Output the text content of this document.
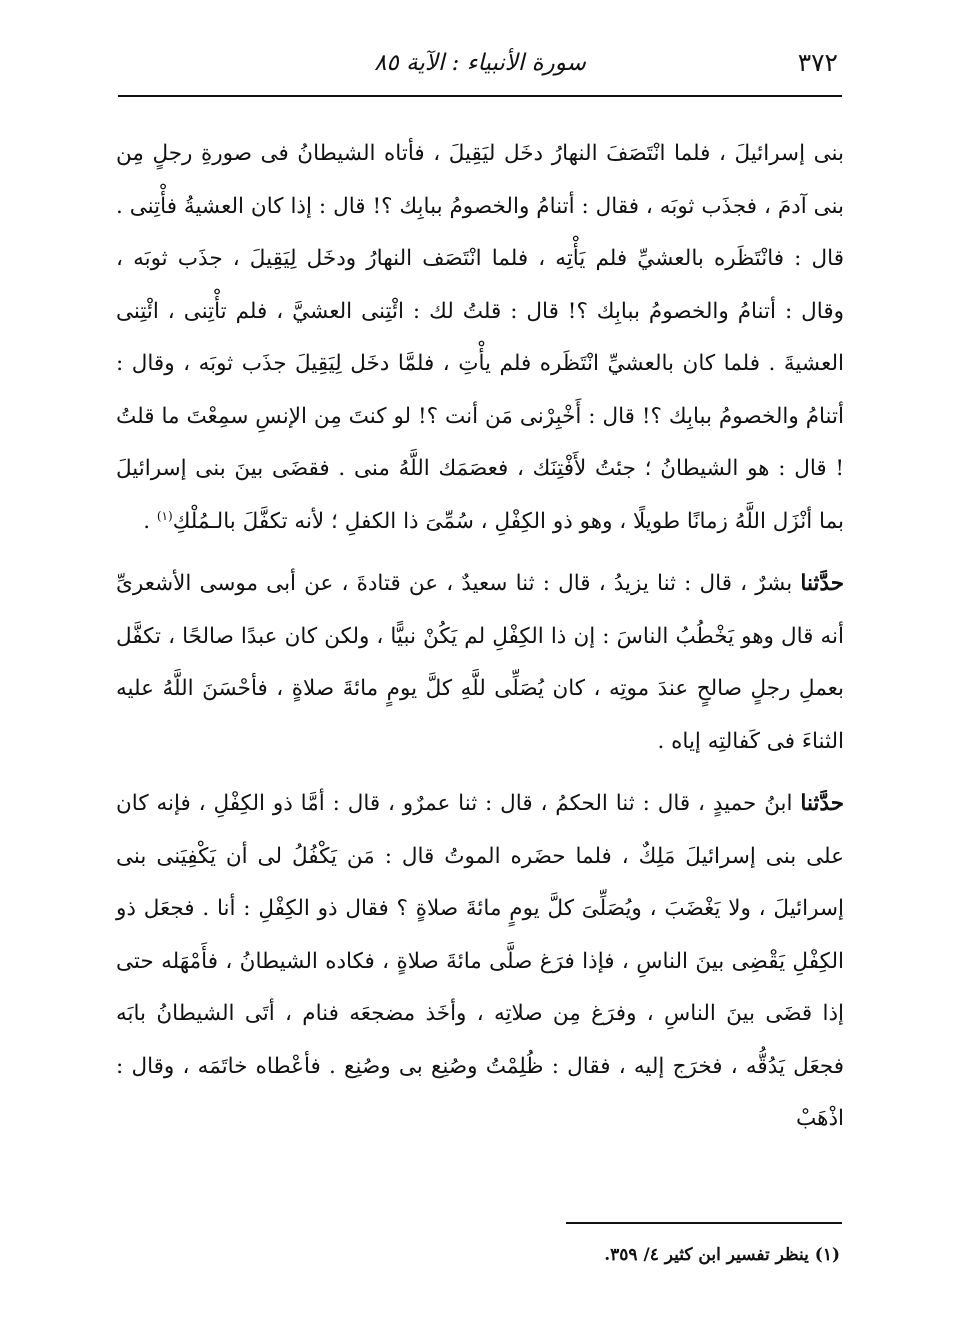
٣٧٢
سورة الأنبياء : الآية ٨٥

بنى إسرائيلَ ، فلما انْتَصَفَ النهارُ دخَل ليَقِيلَ ، فأتاه الشيطانُ فى صورةِ رجلٍ مِن بنى آدمَ ، فجذَب ثوبَه ، فقال : أتنامُ والخصومُ ببابِك ؟! قال : إذا كان العشيةُ فأْتِنى . قال : فانْتَظَره بالعشيِّ فلم يَأْتِه ، فلما انْتَصَف النهارُ ودخَل لِيَقِيلَ ، جذَب ثوبَه ، وقال : أتنامُ والخصومُ ببابِك ؟! قال : قلتُ لك : ائْتِنى العشيَّ ، فلم تأْتِنى ، ائْتِنى العشيةَ . فلما كان بالعشيِّ انْتَظَره فلم يأْتِ ، فلمَّا دخَل لِيَقِيلَ جذَب ثوبَه ، وقال : أتنامُ والخصومُ ببابِك ؟! قال : أَخْبِرْنى مَن أنت ؟! لو كنتَ مِن الإنسِ سمِعْتَ ما قلتُ ! قال : هو الشيطانُ ؛ جئتُ لأَفْتِنَك ، فعصَمَك اللَّهُ منى . فقضَى بينَ بنى إسرائيلَ بما أنْزَل اللَّهُ زمانًا طويلًا ، وهو ذو الكِفْلِ ، سُمِّىَ ذا الكفلِ ؛ لأنه تكفَّلَ بالـمُلْكِ$^{(١)}$ .

حدَّثنا بشرٌ ، قال : ثنا يزيدُ ، قال : ثنا سعيدٌ ، عن قتادةَ ، عن أبى موسى الأشعرىِّ أنه قال وهو يَخْطُبُ الناسَ : إن ذا الكِفْلِ لم يَكُنْ نبيًّا ، ولكن كان عبدًا صالحًا ، تكفَّل بعملِ رجلٍ صالحٍ عندَ موتِه ، كان يُصَلِّى للَّهِ كلَّ يومٍ مائةَ صلاةٍ ، فأحْسَنَ اللَّهُ عليه الثناءَ فى كَفالتِه إياه .

حدَّثنا ابنُ حميدٍ ، قال : ثنا الحكمُ ، قال : ثنا عمرٌو ، قال : أمَّا ذو الكِفْلِ ، فإنه كان على بنى إسرائيلَ مَلِكٌ ، فلما حضَره الموتُ قال : مَن يَكْفُلُ لى أن يَكْفِيَنى بنى إسرائيلَ ، ولا يَغْضَبَ ، ويُصَلِّىَ كلَّ يومٍ مائةَ صلاةٍ ؟ فقال ذو الكِفْلِ : أنا . فجعَل ذو الكِفْلِ يَقْضِى بينَ الناسِ ، فإذا فرَغ صلَّى مائةَ صلاةٍ ، فكاده الشيطانُ ، فأَمْهَله حتى إذا قضَى بينَ الناسِ ، وفرَغ مِن صلاتِه ، وأخَذ مضجعَه فنام ، أتَى الشيطانُ بابَه فجعَل يَدُقُّه ، فخرَج إليه ، فقال : ظُلِمْتُ وصُنِع بى وصُنِع . فأعْطاه خاتَمَه ، وقال : اذْهَبْ

(١) ينظر تفسير ابن كثير ٤/ ٣٥٩.
